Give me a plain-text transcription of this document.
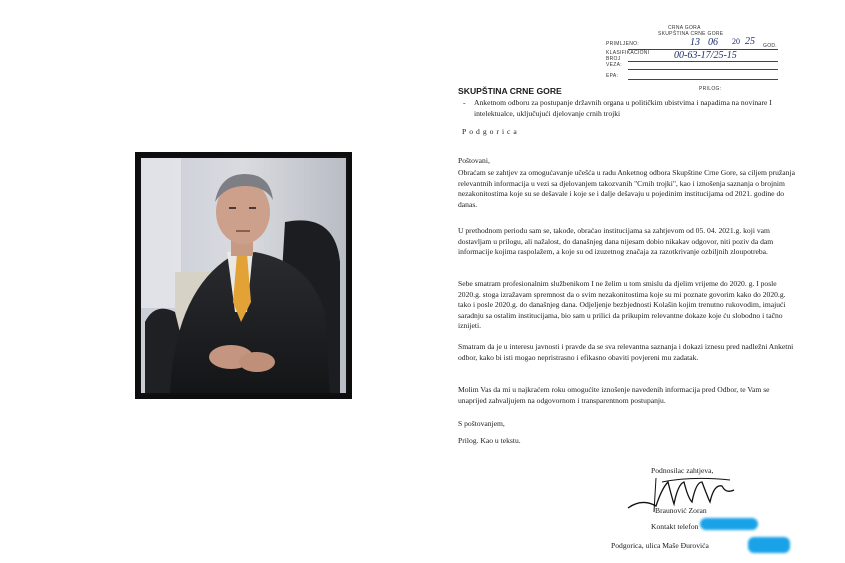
CRNA GORA
SKUPŠTINA CRNE GORE
PRIMLJENO:	13 06 20 25 GOD.
KLASIFIKACIONI
BROJ	00-63-17/25-15
VEZA:
EPA:
PRILOG:
SKUPŠTINA CRNE GORE
- Anketnom odboru za postupanje državnih organa u političkim ubistvima i napadima na novinare I intelektualce, uključujući djelovanje crnih trojki
Podgorica

Poštovani,

Obraćam se zahtjev za omogućavanje učešća u radu Anketnog odbora Skupštine Crne Gore, sa ciljem pružanja relevantnih informacija u vezi sa djelovanjem takozvanih "Crnih trojki", kao i iznošenja saznanja o brojnim nezakonitostima koje su se dešavale i koje se i dalje dešavaju u pojedinim institucijama od 2021. godine do danas.

U prethodnom periodu sam se, takođe, obraćao institucijama sa zahtjevom od 05. 04. 2021.g. koji vam dostavljam u prilogu, ali nažalost, do današnjeg dana nijesam dobio nikakav odgovor, niti poziv da dam informacije kojima raspolažem, a koje su od izuzetnog značaja za razotkrivanje ozbiljnih zloupotreba.

Sebe smatram profesionalnim službenikom I ne želim u tom smislu da djelim vrijeme do 2020. g. I posle 2020.g. stoga izražavam spremnost da o svim nezakonitostima koje su mi poznate govorim kako do 2020.g. tako i posle 2020.g. do današnjeg dana. Odjeljenje bezbjednosti Kolašin kojim trenutno rukovodim, imajući saradnju sa ostalim institucijama, bio sam u prilici da prikupim relevantne dokaze koje ću slobodno i tačno iznijeti.

Smatram da je u interesu javnosti i pravde da se sva relevantna saznanja i dokazi iznesu pred nadležni Anketni odbor, kako bi isti mogao nepristrasno i efikasno obaviti povjereni mu zadatak.

Molim Vas da mi u najkraćem roku omogućite iznošenje navedenih informacija pred Odbor, te Vam se unaprijed zahvaljujem na odgovornom i transparentnom postupanju.

S poštovanjem,

Prilog. Kao u tekstu.

Podnosilac zahtjeva,
Braunović Zoran
Kontakt telefon
Podgorica, ulica Maše Đurovića
